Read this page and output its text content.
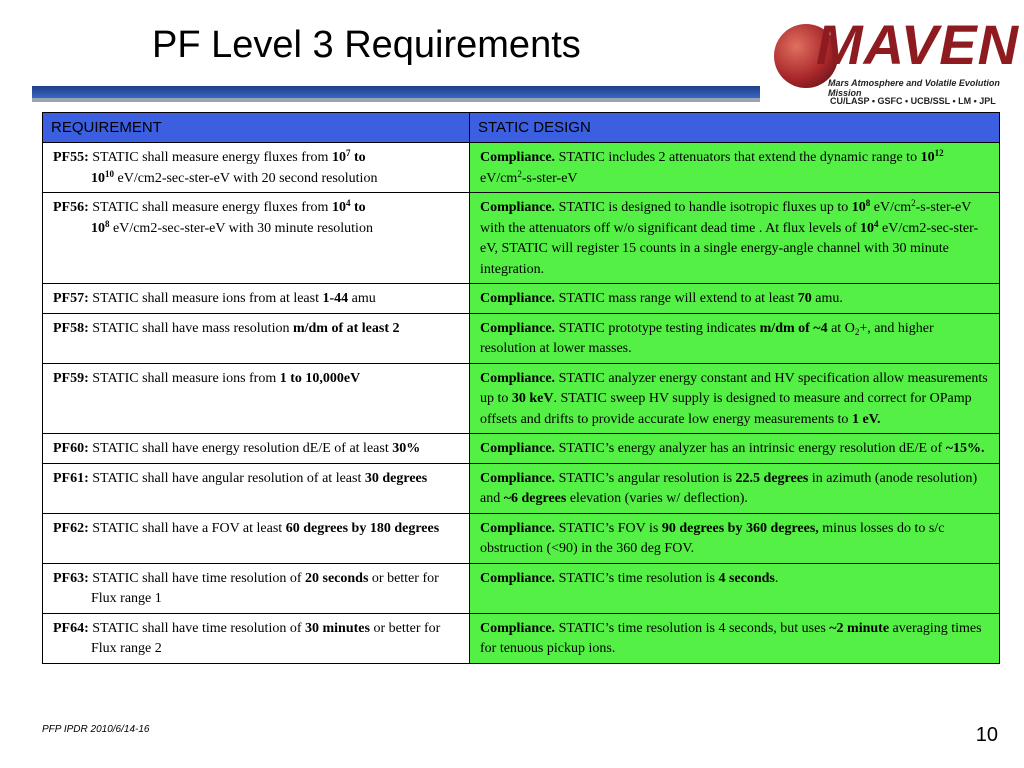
PF Level 3 Requirements	MAVEN
Mars Atmosphere and Volatile Evolution Mission
CU/LASP • GSFC • UCB/SSL • LM • JPL
REQUIREMENT	STATIC DESIGN

PF55: STATIC shall measure energy fluxes from $10^7$ to
$10^{10}$ eV/cm2-sec-ster-eV with 20 second resolution	Compliance. STATIC includes 2 attenuators that extend the dynamic range to $10^{12}$ $eV/cm^2-s-ster-eV$

PF56: STATIC shall measure energy fluxes from $10^4$ to
$10^8$ eV/cm2-sec-ster-eV with 30 minute resolution	Compliance. STATIC is designed to handle isotropic fluxes up to $10^8$ $eV/cm^2-s-ster-eV$ with the attenuators off w/o significant dead time . At flux levels of $10^4$ eV/cm2-sec-ster-eV, STATIC will register 15 counts in a single energy-angle channel with 30 minute integration.

PF57: STATIC shall measure ions from at least 1-44 amu	Compliance. STATIC mass range will extend to at least 70 amu.

PF58: STATIC shall have mass resolution m/dm of at least 2	Compliance. STATIC prototype testing indicates m/dm of ~4 at $O_2+$, and higher resolution at lower masses.

PF59: STATIC shall measure ions from 1 to 10,000eV	Compliance. STATIC analyzer energy constant and HV specification allow measurements up to 30 keV. STATIC sweep HV supply is designed to measure and correct for OPamp offsets and drifts to provide accurate low energy measurements to 1 eV.

PF60: STATIC shall have energy resolution dE/E of at least 30%	Compliance. STATIC’s energy analyzer has an intrinsic energy resolution dE/E of ~15%.

PF61: STATIC shall have angular resolution of at least 30 degrees	Compliance. STATIC’s angular resolution is 22.5 degrees in azimuth (anode resolution) and ~6 degrees elevation (varies w/ deflection).

PF62: STATIC shall have a FOV at least 60 degrees by 180 degrees	Compliance. STATIC’s FOV is 90 degrees by 360 degrees, minus losses do to s/c obstruction (<90) in the 360 deg FOV.

PF63: STATIC shall have time resolution of 20 seconds or better for Flux range 1	Compliance. STATIC’s time resolution is 4 seconds.

PF64: STATIC shall have time resolution of 30 minutes or better for Flux range 2	Compliance. STATIC’s time resolution is 4 seconds, but uses ~2 minute averaging times for tenuous pickup ions.
PFP IPDR 2010/6/14-16	10
